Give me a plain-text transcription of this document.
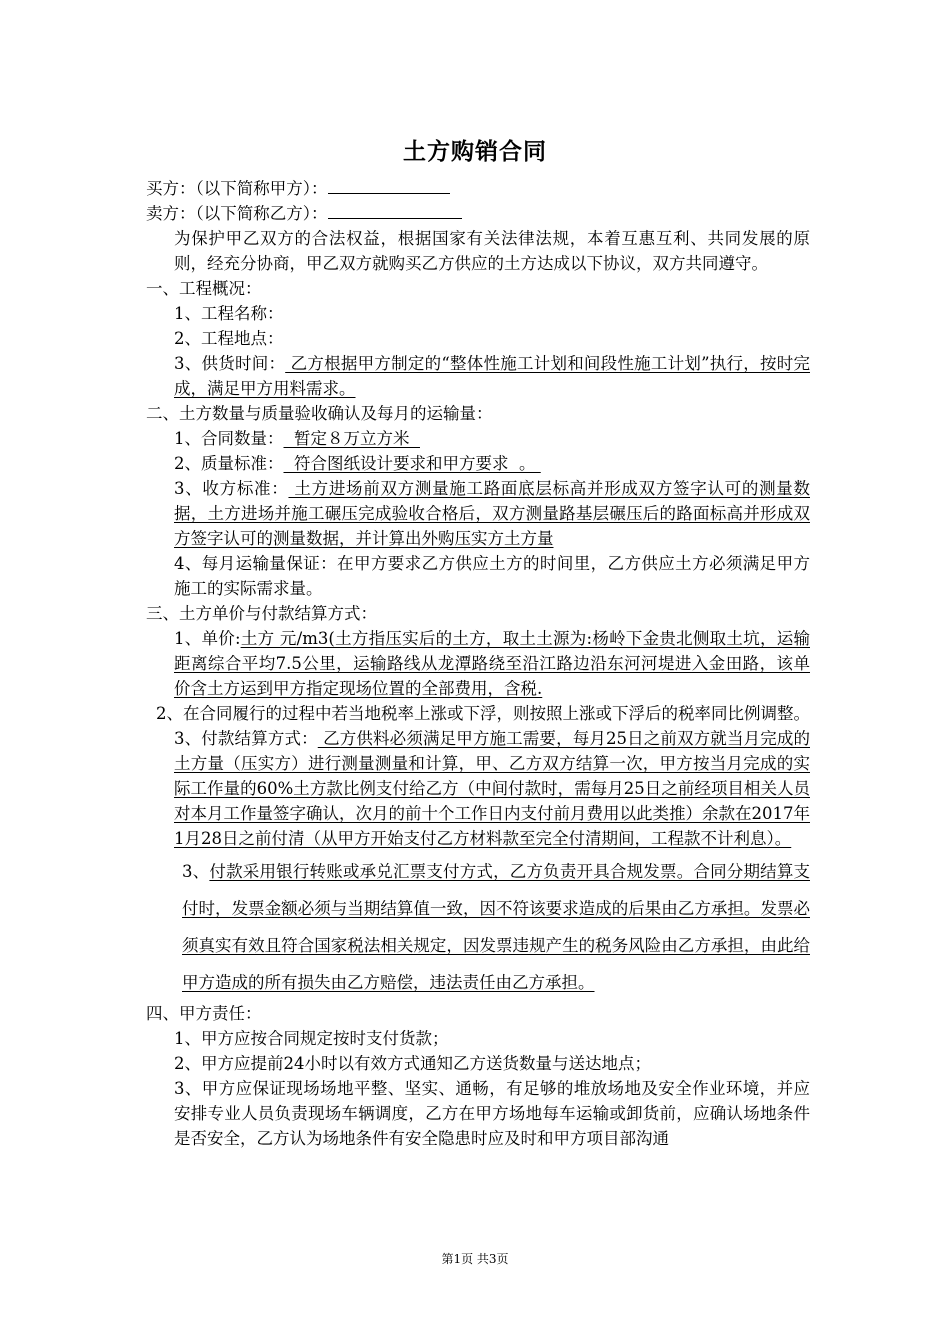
土方购销合同

买方：（以下简称甲方）：

卖方：（以下简称乙方）：

为保护甲乙双方的合法权益，根据国家有关法律法规，本着互惠互利、共同发展的原则，经充分协商，甲乙双方就购买乙方供应的土方达成以下协议，双方共同遵守。

一、工程概况：

1、工程名称：

2、工程地点：

3、供货时间： 乙方根据甲方制定的“整体性施工计划和间段性施工计划”执行，按时完成，满足甲方用料需求。

二、土方数量与质量验收确认及每月的运输量：

1、合同数量：  暂定８万立方米

2、质量标准：  符合图纸设计要求和甲方要求  。

3、收方标准： 土方进场前双方测量施工路面底层标高并形成双方签字认可的测量数据，土方进场并施工碾压完成验收合格后，双方测量路基层碾压后的路面标高并形成双方签字认可的测量数据，并计算出外购压实方土方量

4、每月运输量保证：在甲方要求乙方供应土方的时间里，乙方供应土方必须满足甲方施工的实际需求量。

三、土方单价与付款结算方式：

1、单价:土方 元/m3(土方指压实后的土方，取土土源为:杨岭下金贵北侧取土坑，运输距离综合平均7.5公里，运输路线从龙潭路绕至沿江路边沿东河河堤进入金田路，该单价含土方运到甲方指定现场位置的全部费用，含税.

2、在合同履行的过程中若当地税率上涨或下浮，则按照上涨或下浮后的税率同比例调整。

3、付款结算方式： 乙方供料必须满足甲方施工需要，每月25日之前双方就当月完成的土方量（压实方）进行测量测量和计算，甲、乙方双方结算一次，甲方按当月完成的实际工作量的60%土方款比例支付给乙方（中间付款时，需每月25日之前经项目相关人员对本月工作量签字确认，次月的前十个工作日内支付前月费用以此类推）余款在2017年1月28日之前付清（从甲方开始支付乙方材料款至完全付清期间，工程款不计利息）。

3、付款采用银行转账或承兑汇票支付方式，乙方负责开具合规发票。合同分期结算支付时，发票金额必须与当期结算值一致，因不符该要求造成的后果由乙方承担。发票必须真实有效且符合国家税法相关规定，因发票违规产生的税务风险由乙方承担，由此给甲方造成的所有损失由乙方赔偿，违法责任由乙方承担。

四、甲方责任：

1、甲方应按合同规定按时支付货款；

2、甲方应提前24小时以有效方式通知乙方送货数量与送达地点；

3、甲方应保证现场场地平整、坚实、通畅，有足够的堆放场地及安全作业环境，并应安排专业人员负责现场车辆调度，乙方在甲方场地每车运输或卸货前，应确认场地条件是否安全，乙方认为场地条件有安全隐患时应及时和甲方项目部沟通

第1页 共3页
